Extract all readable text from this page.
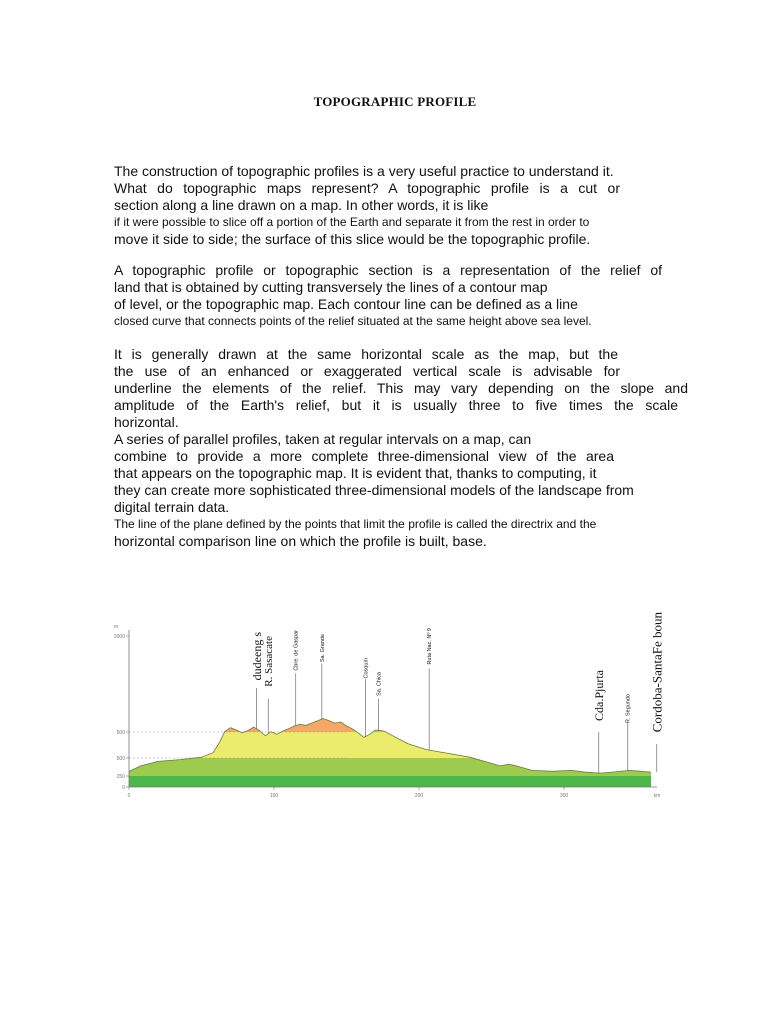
TOPOGRAPHIC PROFILE
The construction of topographic profiles is a very useful practice to understand it.
What do topographic maps represent? A topographic profile is a cut or
section along a line drawn on a map. In other words, it is like
if it were possible to slice off a portion of the Earth and separate it from the rest in order to
move it side to side; the surface of this slice would be the topographic profile.
A topographic profile or topographic section is a representation of the relief of
land that is obtained by cutting transversely the lines of a contour map
of level, or the topographic map. Each contour line can be defined as a line
closed curve that connects points of the relief situated at the same height above sea level.
It is generally drawn at the same horizontal scale as the map, but the
the use of an enhanced or exaggerated vertical scale is advisable for
underline the elements of the relief. This may vary depending on the slope and
amplitude of the Earth's relief, but it is usually three to five times the scale
horizontal.
A series of parallel profiles, taken at regular intervals on a map, can
combine to provide a more complete three-dimensional view of the area
that appears on the topographic map. It is evident that, thanks to computing, it
they can create more sophisticated three-dimensional models of the landscape from
digital terrain data.
The line of the plane defined by the points that limit the profile is called the directrix and the
horizontal comparison line on which the profile is built, base.
2000
500
500
250
0
m
0	100	200	300	km
dudeeng s R. Sasacate	Cbre. de Gaspar	Sa. Grande
Cosquín
Sa. Chica
Ruta Nac. Nº 9
Cda.Pjurta	R. Segundo Cordoba-SantaFe boun
